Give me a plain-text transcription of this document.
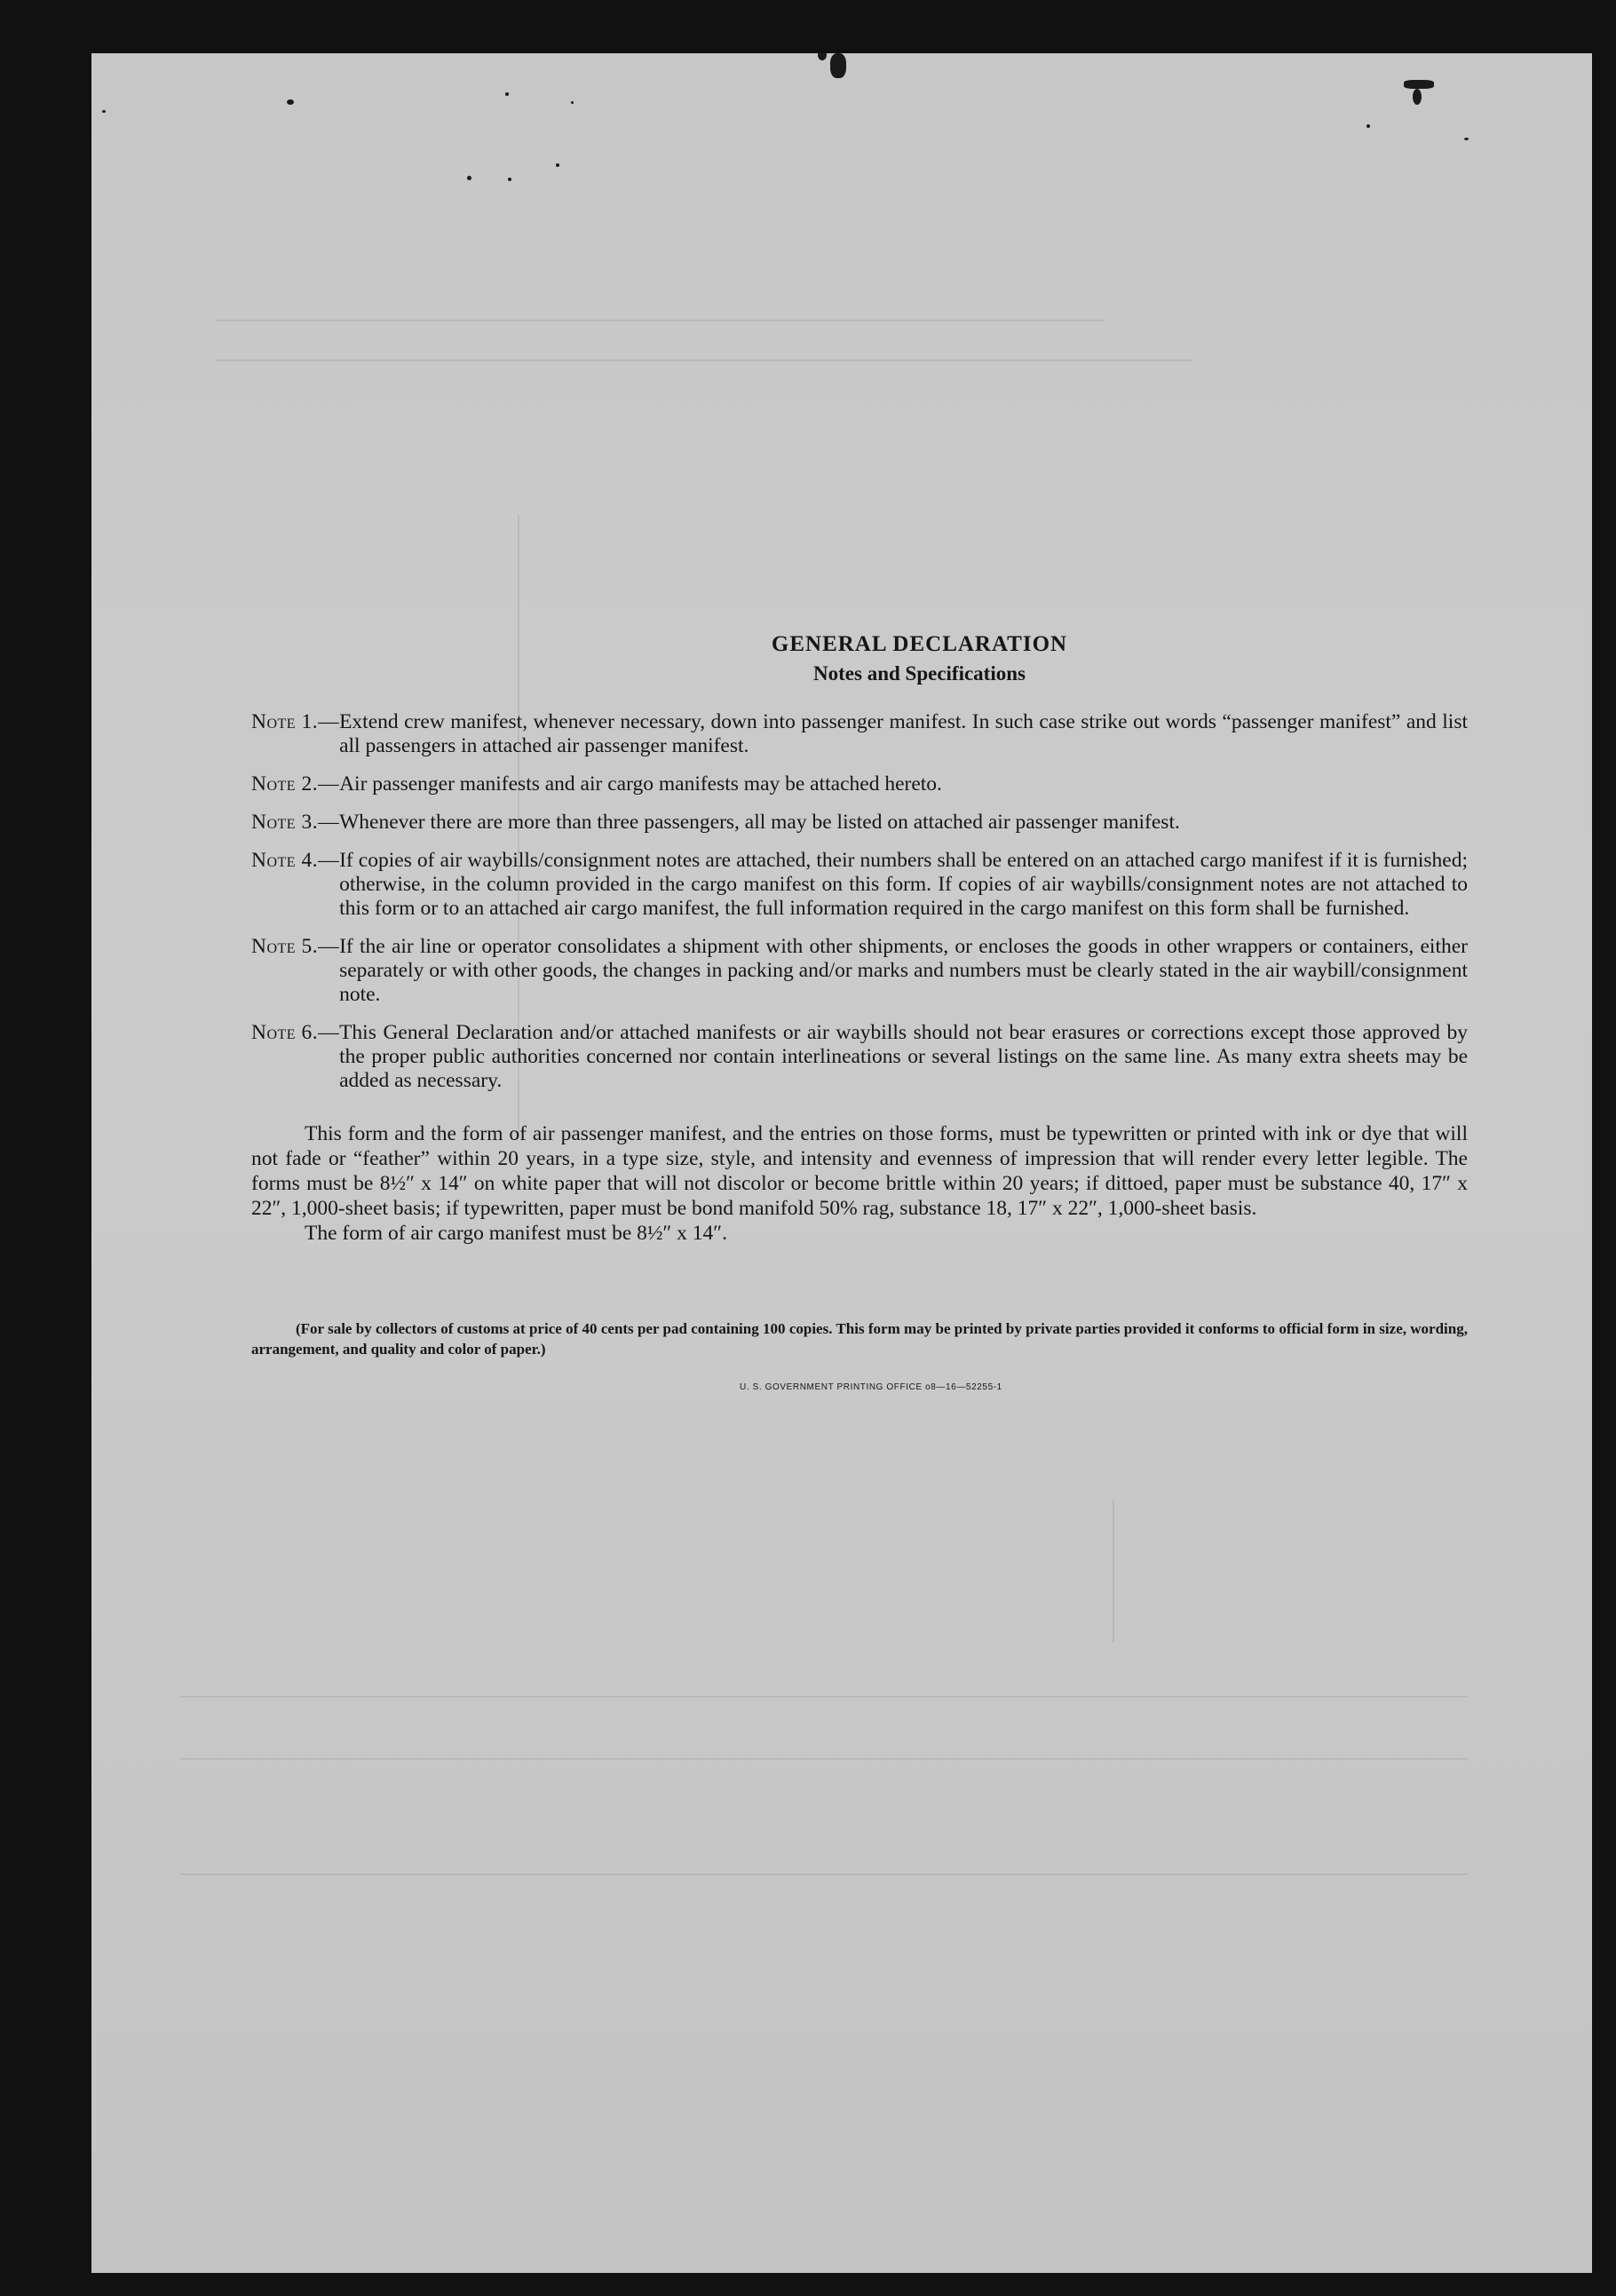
GENERAL DECLARATION
Notes and Specifications
Note 1.— Extend crew manifest, whenever necessary, down into passenger manifest. In such case strike out words “passenger manifest” and list all passengers in attached air passenger manifest.
Note 2.— Air passenger manifests and air cargo manifests may be attached hereto.
Note 3.— Whenever there are more than three passengers, all may be listed on attached air passenger manifest.
Note 4.— If copies of air waybills/consignment notes are attached, their numbers shall be entered on an attached cargo manifest if it is furnished; otherwise, in the column provided in the cargo manifest on this form. If copies of air waybills/consignment notes are not attached to this form or to an attached air cargo manifest, the full information required in the cargo manifest on this form shall be furnished.
Note 5.— If the air line or operator consolidates a shipment with other shipments, or encloses the goods in other wrappers or containers, either separately or with other goods, the changes in packing and/or marks and numbers must be clearly stated in the air waybill/consignment note.
Note 6.— This General Declaration and/or attached manifests or air waybills should not bear erasures or corrections except those approved by the proper public authorities concerned nor contain interlineations or several listings on the same line. As many extra sheets may be added as necessary.

This form and the form of air passenger manifest, and the entries on those forms, must be typewritten or printed with ink or dye that will not fade or “feather” within 20 years, in a type size, style, and intensity and evenness of impression that will render every letter legible. The forms must be 8½″ x 14″ on white paper that will not discolor or become brittle within 20 years; if dittoed, paper must be substance 40, 17″ x 22″, 1,000-sheet basis; if typewritten, paper must be bond manifold 50% rag, substance 18, 17″ x 22″, 1,000-sheet basis.

The form of air cargo manifest must be 8½″ x 14″.

(For sale by collectors of customs at price of 40 cents per pad containing 100 copies. This form may be printed by private parties provided it conforms to official form in size, wording, arrangement, and quality and color of paper.)

U. S. GOVERNMENT PRINTING OFFICE o8—16—52255-1
